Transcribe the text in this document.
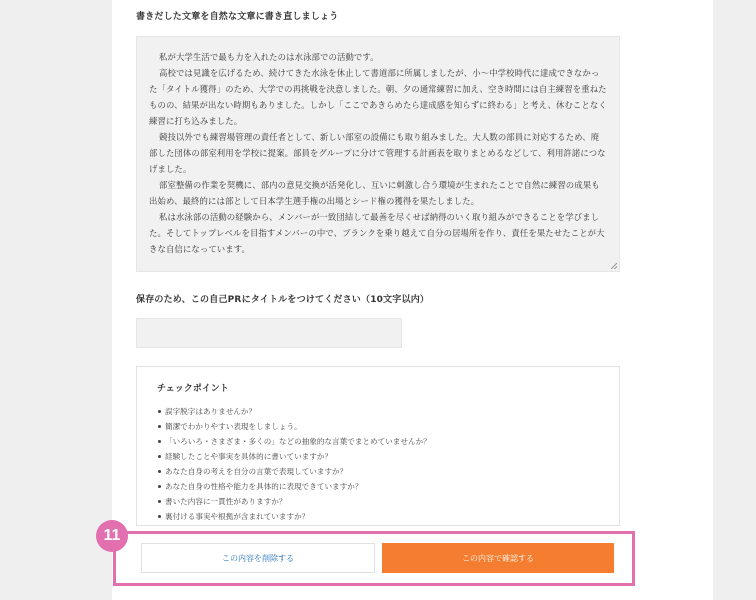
書きだした文章を自然な文章に書き直しましょう

私が大学生活で最も力を入れたのは水泳部での活動です。

高校では見識を広げるため、続けてきた水泳を休止して書道部に所属しましたが、小～中学校時代に達成できなかった「タイトル獲得」のため、大学での再挑戦を決意しました。朝、夕の通常練習に加え、空き時間には自主練習を重ねたものの、結果が出ない時期もありました。しかし「ここであきらめたら達成感を知らずに終わる」と考え、休むことなく練習に打ち込みました。

競技以外でも練習場管理の責任者として、新しい部室の設備にも取り組みました。大人数の部員に対応するため、廃部した団体の部室利用を学校に提案。部員をグループに分けて管理する計画表を取りまとめるなどして、利用許諾につなげました。

部室整備の作業を契機に、部内の意見交換が活発化し、互いに刺激し合う環境が生まれたことで自然に練習の成果も出始め、最終的には部として日本学生選手権の出場とシード権の獲得を果たしました。

私は水泳部の活動の経験から、メンバーが一致団結して最善を尽くせば納得のいく取り組みができることを学びました。そしてトップレベルを目指すメンバーの中で、ブランクを乗り越えて自分の居場所を作り、責任を果たせたことが大きな自信になっています。

保存のため、この自己PRにタイトルをつけてください（10文字以内）
チェックポイント
誤字脱字はありませんか？
簡潔でわかりやすい表現をしましょう。
「いろいろ・さまざま・多くの」などの抽象的な言葉でまとめていませんか？
経験したことや事実を具体的に書いていますか？
あなた自身の考えを自分の言葉で表現していますか？
あなた自身の性格や能力を具体的に表現できていますか？
書いた内容に一貫性がありますか？
裏付ける事実や根拠が含まれていますか？
11
この内容を削除する	この内容で確認する
